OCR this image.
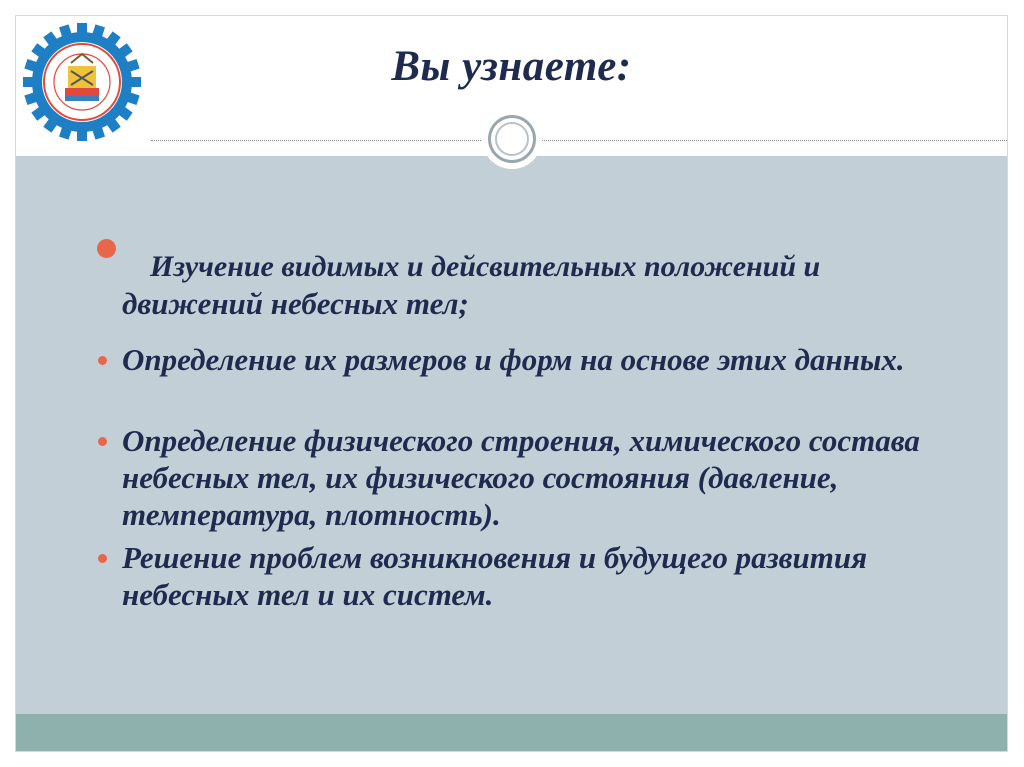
Вы узнаете:
Изучение видимых и дейсвительных положений и
движений небесных тел;
Определение их размеров и форм на основе этих данных.
Определение физического строения, химического состава небесных тел, их физического состояния (давление, температура, плотность).
Решение проблем возникновения и будущего развития небесных тел и их систем.
